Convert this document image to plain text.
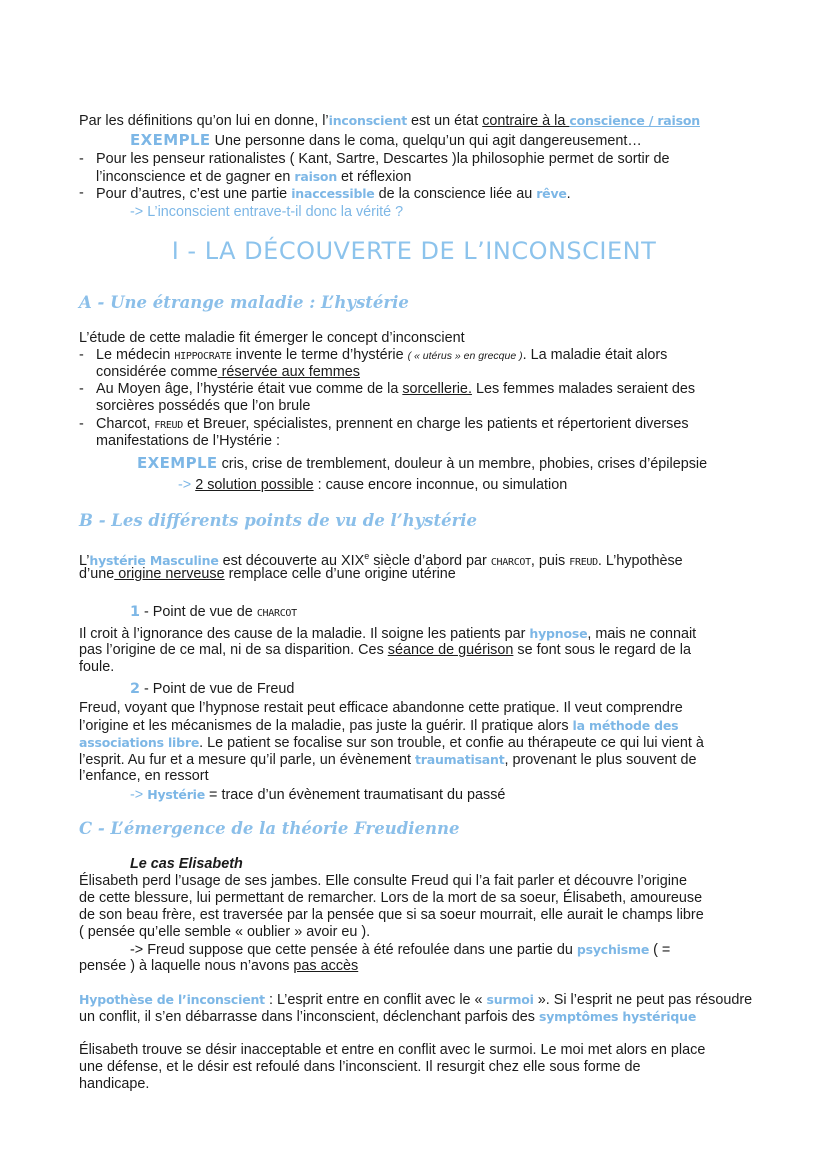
Par les définitions qu’on lui en donne, l’inconscient est un état contraire à la conscience / raison
EXEMPLE Une personne dans le coma, quelqu’un qui agit dangereusement…
- Pour les penseur rationalistes ( Kant, Sartre, Descartes )la philosophie permet de sortir de
l’inconscience et de gagner en raison et réflexion
- Pour d’autres, c’est une partie inaccessible de la conscience liée au rêve.
-> L’inconscient entrave-t-il donc la vérité ?
I - LA DÉCOUVERTE DE L’INCONSCIENT
A - Une étrange maladie : L’hystérie
L’étude de cette maladie fit émerger le concept d’inconscient
- Le médecin HIPPOCRATE invente le terme d’hystérie ( « utérus » en grecque ). La maladie était alors
considérée comme réservée aux femmes
- Au Moyen âge, l’hystérie était vue comme de la sorcellerie. Les femmes malades seraient des
sorcières possédés que l’on brule
- Charcot, FREUD et Breuer, spécialistes, prennent en charge les patients et répertorient diverses
manifestations de l’Hystérie :
EXEMPLE cris, crise de tremblement, douleur à un membre, phobies, crises d’épilepsie
-> 2 solution possible : cause encore inconnue, ou simulation
B - Les différents points de vu de l’hystérie
L’hystérie Masculine est découverte au XIXe siècle d’abord par CHARCOT, puis FREUD. L’hypothèse
d’une origine nerveuse remplace celle d’une origine utérine
1 - Point de vue de CHARCOT
Il croit à l’ignorance des cause de la maladie. Il soigne les patients par hypnose, mais ne connait
pas l’origine de ce mal, ni de sa disparition. Ces séance de guérison se font sous le regard de la
foule.
2 - Point de vue de Freud
Freud, voyant que l’hypnose restait peut efficace abandonne cette pratique. Il veut comprendre
l’origine et les mécanismes de la maladie, pas juste la guérir. Il pratique alors la méthode des
associations libre. Le patient se focalise sur son trouble, et confie au thérapeute ce qui lui vient à
l’esprit. Au fur et a mesure qu’il parle, un évènement traumatisant, provenant le plus souvent de
l’enfance, en ressort
-> Hystérie = trace d’un évènement traumatisant du passé
C - L’émergence de la théorie Freudienne
Le cas Elisabeth
Élisabeth perd l’usage de ses jambes. Elle consulte Freud qui l’a fait parler et découvre l’origine
de cette blessure, lui permettant de remarcher. Lors de la mort de sa soeur, Élisabeth, amoureuse
de son beau frère, est traversée par la pensée que si sa soeur mourrait, elle aurait le champs libre
( pensée qu’elle semble « oublier » avoir eu ).
-> Freud suppose que cette pensée à été refoulée dans une partie du psychisme ( =
pensée ) à laquelle nous n’avons pas accès
Hypothèse de l’inconscient : L’esprit entre en conflit avec le « surmoi ». Si l’esprit ne peut pas résoudre
un conflit, il s’en débarrasse dans l’inconscient, déclenchant parfois des symptômes hystérique
Élisabeth trouve se désir inacceptable et entre en conflit avec le surmoi. Le moi met alors en place
une défense, et le désir est refoulé dans l’inconscient. Il resurgit chez elle sous forme de
handicape.
